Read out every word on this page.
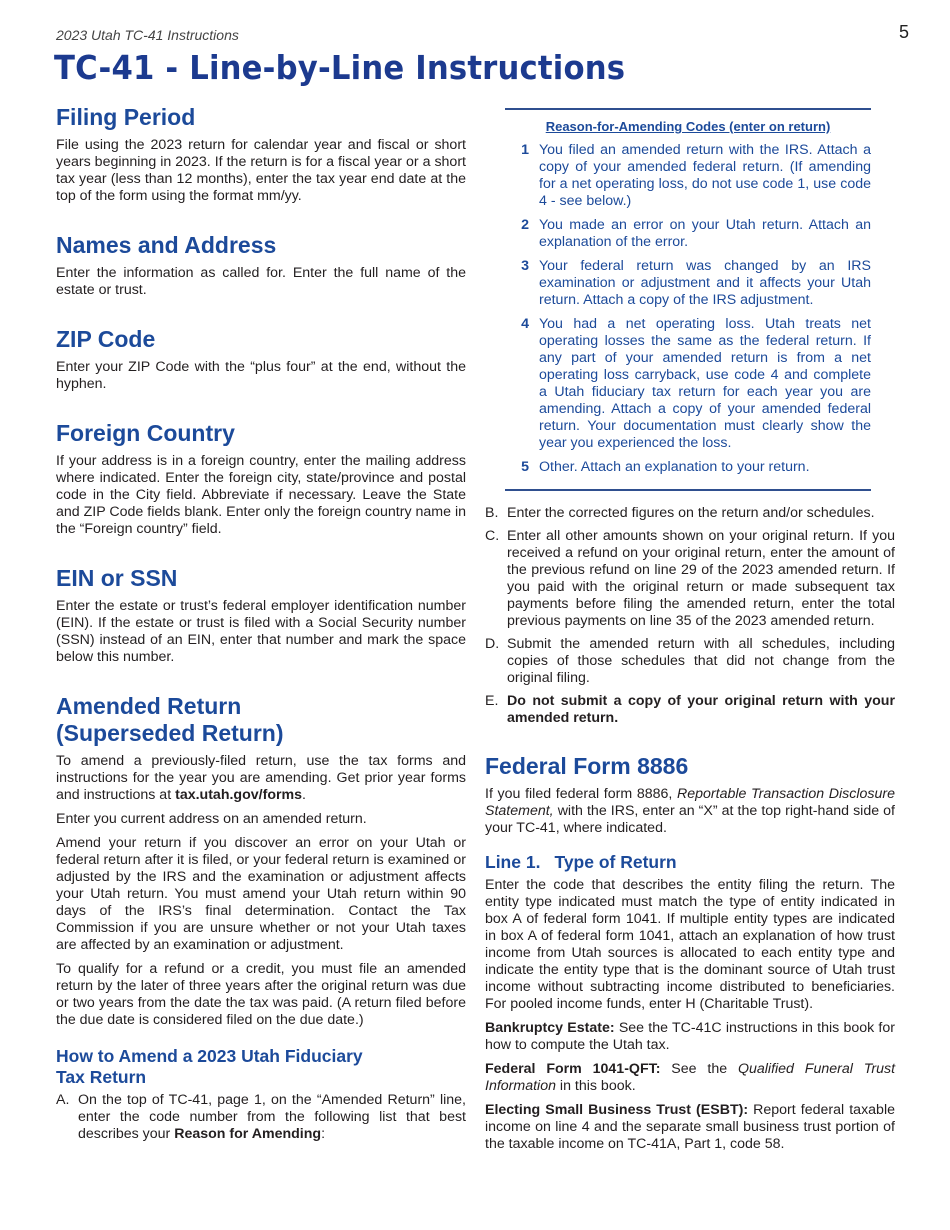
2023 Utah TC-41 Instructions	5
TC-41 - Line-by-Line Instructions
Filing Period

File using the 2023 return for calendar year and fiscal or short years beginning in 2023. If the return is for a fiscal year or a short tax year (less than 12 months), enter the tax year end date at the top of the form using the format mm/yy.

Names and Address

Enter the information as called for. Enter the full name of the estate or trust.

ZIP Code

Enter your ZIP Code with the “plus four” at the end, without the hyphen.

Foreign Country

If your address is in a foreign country, enter the mailing address where indicated. Enter the foreign city, state/province and postal code in the City field. Abbreviate if necessary. Leave the State and ZIP Code fields blank. Enter only the foreign country name in the “Foreign country” field.

EIN or SSN

Enter the estate or trust’s federal employer identification number (EIN). If the estate or trust is filed with a Social Security number (SSN) instead of an EIN, enter that number and mark the space below this number.

Amended Return
(Superseded Return)

To amend a previously-filed return, use the tax forms and instructions for the year you are amending. Get prior year forms and instructions at tax.utah.gov/forms.

Enter you current address on an amended return.

Amend your return if you discover an error on your Utah or federal return after it is filed, or your federal return is examined or adjusted by the IRS and the examination or adjustment affects your Utah return. You must amend your Utah return within 90 days of the IRS’s final determination. Contact the Tax Commission if you are unsure whether or not your Utah taxes are affected by an examination or adjustment.

To qualify for a refund or a credit, you must file an amended return by the later of three years after the original return was due or two years from the date the tax was paid. (A return filed before the due date is considered filed on the due date.)

How to Amend a 2023 Utah Fiduciary
Tax Return
A. On the top of TC-41, page 1, on the “Amended Return” line, enter the code number from the following list that best describes your Reason for Amending:
Reason-for-Amending Codes (enter on return)
1 You filed an amended return with the IRS. Attach a copy of your amended federal return. (If amending for a net operating loss, do not use code 1, use code 4 - see below.)
2 You made an error on your Utah return. Attach an explanation of the error.
3 Your federal return was changed by an IRS examination or adjustment and it affects your Utah return. Attach a copy of the IRS adjustment.
4 You had a net operating loss. Utah treats net operating losses the same as the federal return. If any part of your amended return is from a net operating loss carryback, use code 4 and complete a Utah fiduciary tax return for each year you are amending. Attach a copy of your amended federal return. Your documentation must clearly show the year you experienced the loss.
5 Other. Attach an explanation to your return.
B. Enter the corrected figures on the return and/or schedules.
C. Enter all other amounts shown on your original return. If you received a refund on your original return, enter the amount of the previous refund on line 29 of the 2023 amended return. If you paid with the original return or made subsequent tax payments before filing the amended return, enter the total previous payments on line 35 of the 2023 amended return.
D. Submit the amended return with all schedules, including copies of those schedules that did not change from the original filing.
E. Do not submit a copy of your original return with your amended return.
Federal Form 8886

If you filed federal form 8886, Reportable Transaction Disclosure Statement, with the IRS, enter an “X” at the top right-hand side of your TC-41, where indicated.

Line 1. Type of Return

Enter the code that describes the entity filing the return. The entity type indicated must match the type of entity indicated in box A of federal form 1041. If multiple entity types are indicated in box A of federal form 1041, attach an explanation of how trust income from Utah sources is allocated to each entity type and indicate the entity type that is the dominant source of Utah trust income without subtracting income distributed to beneficiaries. For pooled income funds, enter H (Charitable Trust).

Bankruptcy Estate: See the TC-41C instructions in this book for how to compute the Utah tax.

Federal Form 1041-QFT: See the Qualified Funeral Trust Information in this book.

Electing Small Business Trust (ESBT): Report federal taxable income on line 4 and the separate small business trust portion of the taxable income on TC-41A, Part 1, code 58.
